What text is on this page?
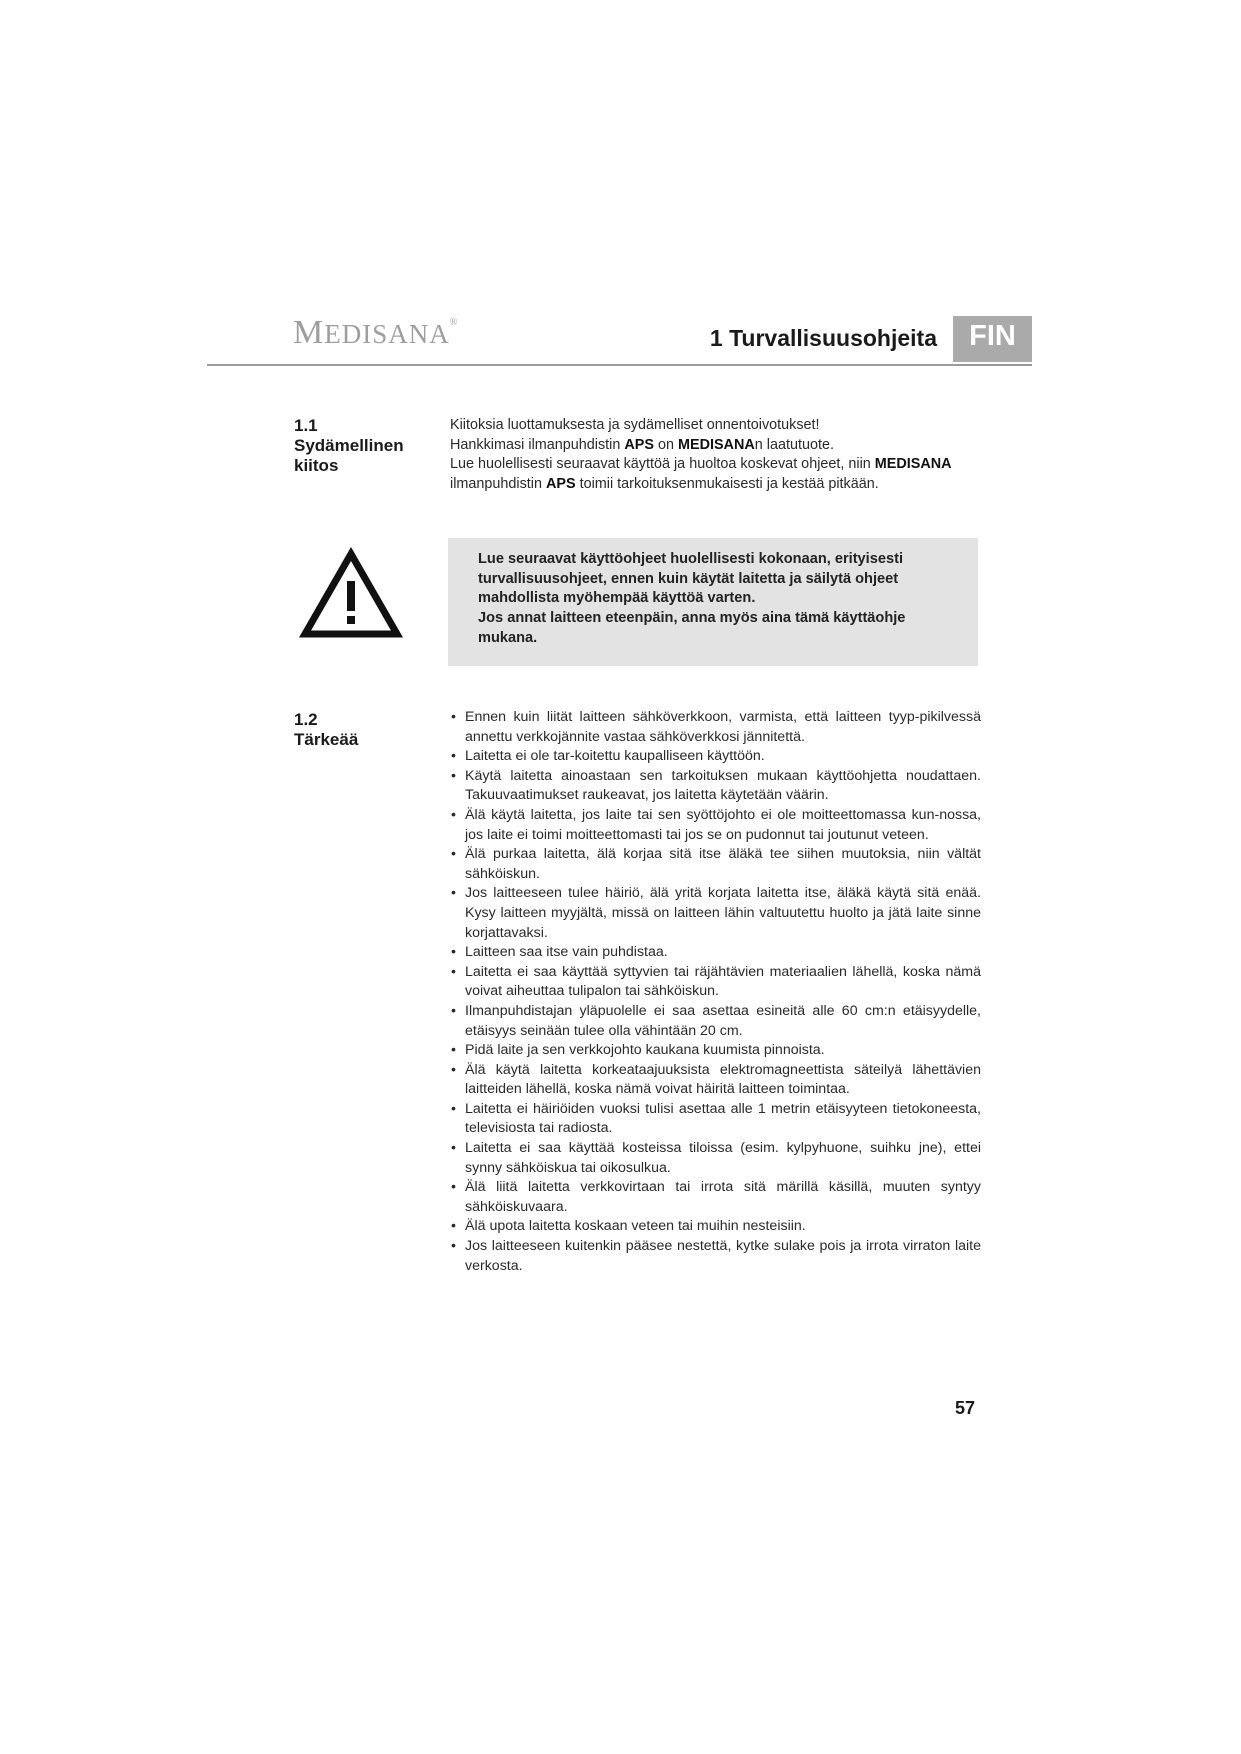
MEDISANA®
1 Turvallisuusohjeita	FIN
1.1
Sydämellinen
kiitos

Kiitoksia luottamuksesta ja sydämelliset onnentoivotukset!

Hankkimasi ilmanpuhdistin APS on MEDISANAn laatutuote.

Lue huolellisesti seuraavat käyttöä ja huoltoa koskevat ohjeet, niin MEDISANA

ilmanpuhdistin APS toimii tarkoituksenmukaisesti ja kestää pitkään.

Lue seuraavat käyttöohjeet huolellisesti kokonaan, erityisesti
turvallisuusohjeet, ennen kuin käytät laitetta ja säilytä ohjeet
mahdollista myöhempää käyttöä varten.
Jos annat laitteen eteenpäin, anna myös aina tämä käyttäohje
mukana.
1.2
Tärkeää
• Ennen kuin liität laitteen sähköverkkoon, varmista, että laitteen tyyp-pikilvessä annettu verkkojännite vastaa sähköverkkosi jännitettä.
• Laitetta ei ole tar-koitettu kaupalliseen käyttöön.
• Käytä laitetta ainoastaan sen tarkoituksen mukaan käyttöohjetta noudattaen. Takuuvaatimukset raukeavat, jos laitetta käytetään väärin.
• Älä käytä laitetta, jos laite tai sen syöttöjohto ei ole moitteettomassa kun-nossa, jos laite ei toimi moitteettomasti tai jos se on pudonnut tai joutunut veteen.
• Älä purkaa laitetta, älä korjaa sitä itse äläkä tee siihen muutoksia, niin vältät sähköiskun.
• Jos laitteeseen tulee häiriö, älä yritä korjata laitetta itse, äläkä käytä sitä enää. Kysy laitteen myyjältä, missä on laitteen lähin valtuutettu huolto ja jätä laite sinne korjattavaksi.
• Laitteen saa itse vain puhdistaa.
• Laitetta ei saa käyttää syttyvien tai räjähtävien materiaalien lähellä, koska nämä voivat aiheuttaa tulipalon tai sähköiskun.
• Ilmanpuhdistajan yläpuolelle ei saa asettaa esineitä alle 60 cm:n etäisyydelle, etäisyys seinään tulee olla vähintään 20 cm.
• Pidä laite ja sen verkkojohto kaukana kuumista pinnoista.
• Älä käytä laitetta korkeataajuuksista elektromagneettista säteilyä lähettävien laitteiden lähellä, koska nämä voivat häiritä laitteen toimintaa.
• Laitetta ei häiriöiden vuoksi tulisi asettaa alle 1 metrin etäisyyteen tietokoneesta, televisiosta tai radiosta.
• Laitetta ei saa käyttää kosteissa tiloissa (esim. kylpyhuone, suihku jne), ettei synny sähköiskua tai oikosulkua.
• Älä liitä laitetta verkkovirtaan tai irrota sitä märillä käsillä, muuten syntyy sähköiskuvaara.
• Älä upota laitetta koskaan veteen tai muihin nesteisiin.
• Jos laitteeseen kuitenkin pääsee nestettä, kytke sulake pois ja irrota virraton laite verkosta.
57
